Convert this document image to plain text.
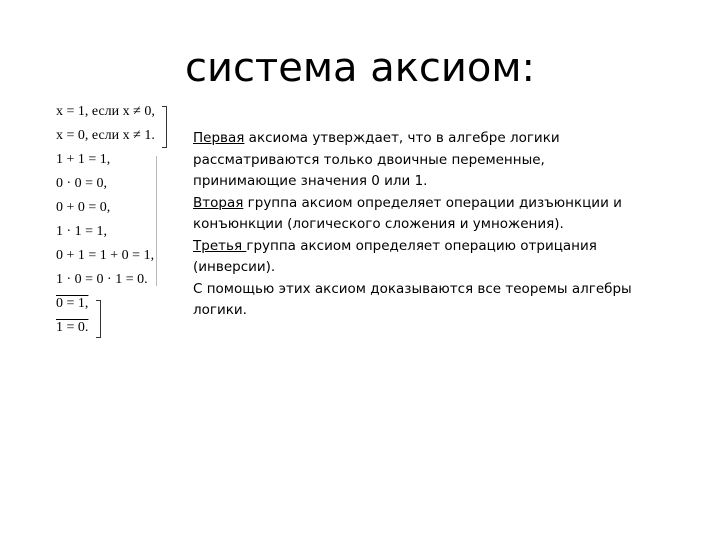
система аксиом:
x = 1, если x ≠ 0,
x = 0, если x ≠ 1.
1 + 1 = 1,
0 · 0 = 0,
0 + 0 = 0,
1 · 1 = 1,
0 + 1 = 1 + 0 = 1,
1 · 0 = 0 · 1 = 0.
0 = 1,
1 = 0.

Первая аксиома утверждает, что в алгебре логики рассматриваются только двоичные переменные, принимающие значения 0 или 1.

Вторая группа аксиом определяет операции дизъюнкции и конъюнкции (логического сложения и умножения).

Третья группа аксиом определяет операцию отрицания (инверсии).

С помощью этих аксиом доказываются все теоремы алгебры логики.
